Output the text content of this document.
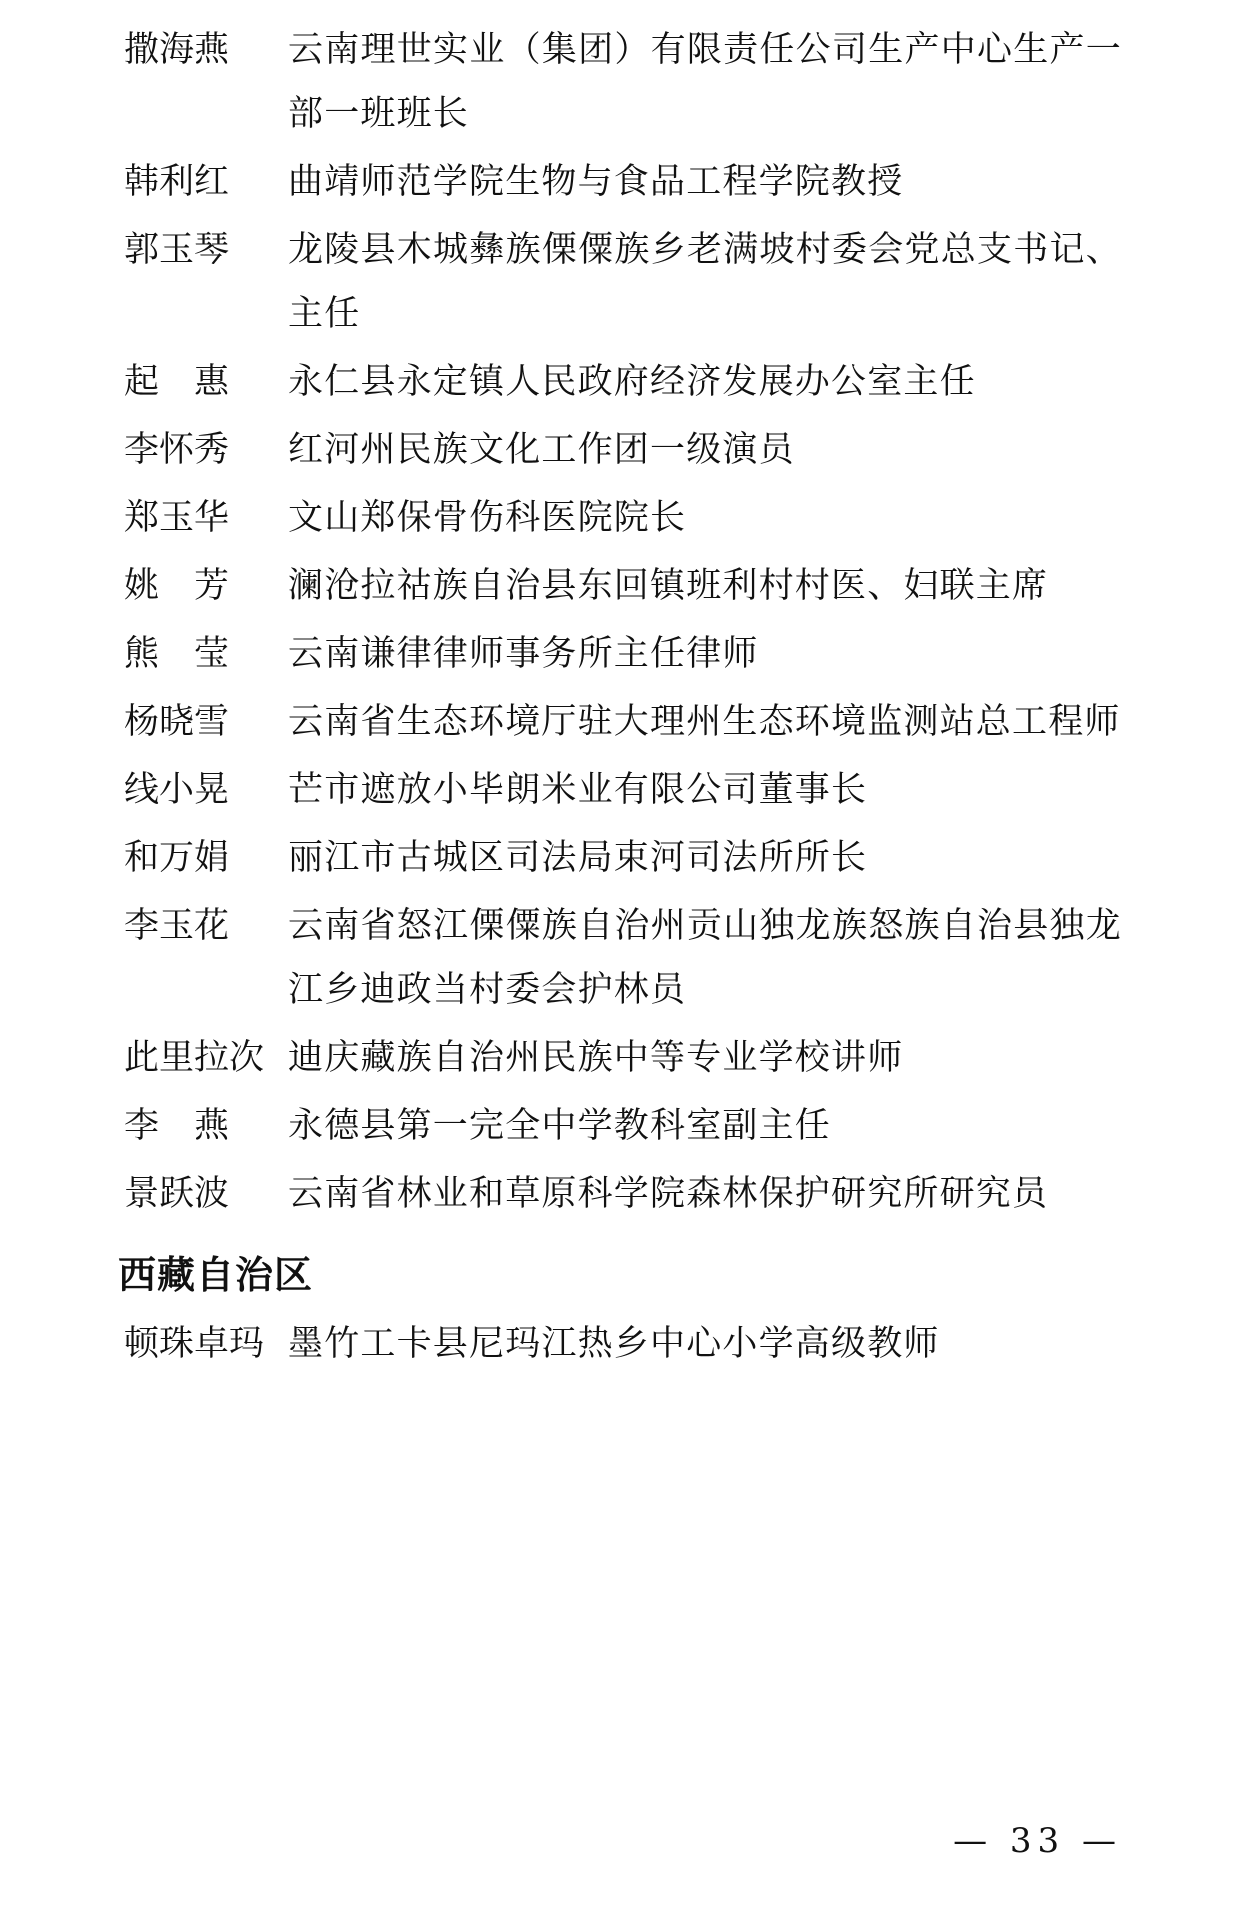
撒海燕	云南理世实业（集团）有限责任公司生产中心生产一部一班班长
韩利红	曲靖师范学院生物与食品工程学院教授
郭玉琴	龙陵县木城彝族傈僳族乡老满坡村委会党总支书记、主任
起　惠	永仁县永定镇人民政府经济发展办公室主任
李怀秀	红河州民族文化工作团一级演员
郑玉华	文山郑保骨伤科医院院长
姚　芳	澜沧拉祜族自治县东回镇班利村村医、妇联主席
熊　莹	云南谦律律师事务所主任律师
杨晓雪	云南省生态环境厅驻大理州生态环境监测站总工程师
线小晃	芒市遮放小毕朗米业有限公司董事长
和万娟	丽江市古城区司法局束河司法所所长
李玉花	云南省怒江傈僳族自治州贡山独龙族怒族自治县独龙江乡迪政当村委会护林员
此里拉次 迪庆藏族自治州民族中等专业学校讲师
李　燕	永德县第一完全中学教科室副主任
景跃波	云南省林业和草原科学院森林保护研究所研究员
西藏自治区
顿珠卓玛 墨竹工卡县尼玛江热乡中心小学高级教师
— 33 —
